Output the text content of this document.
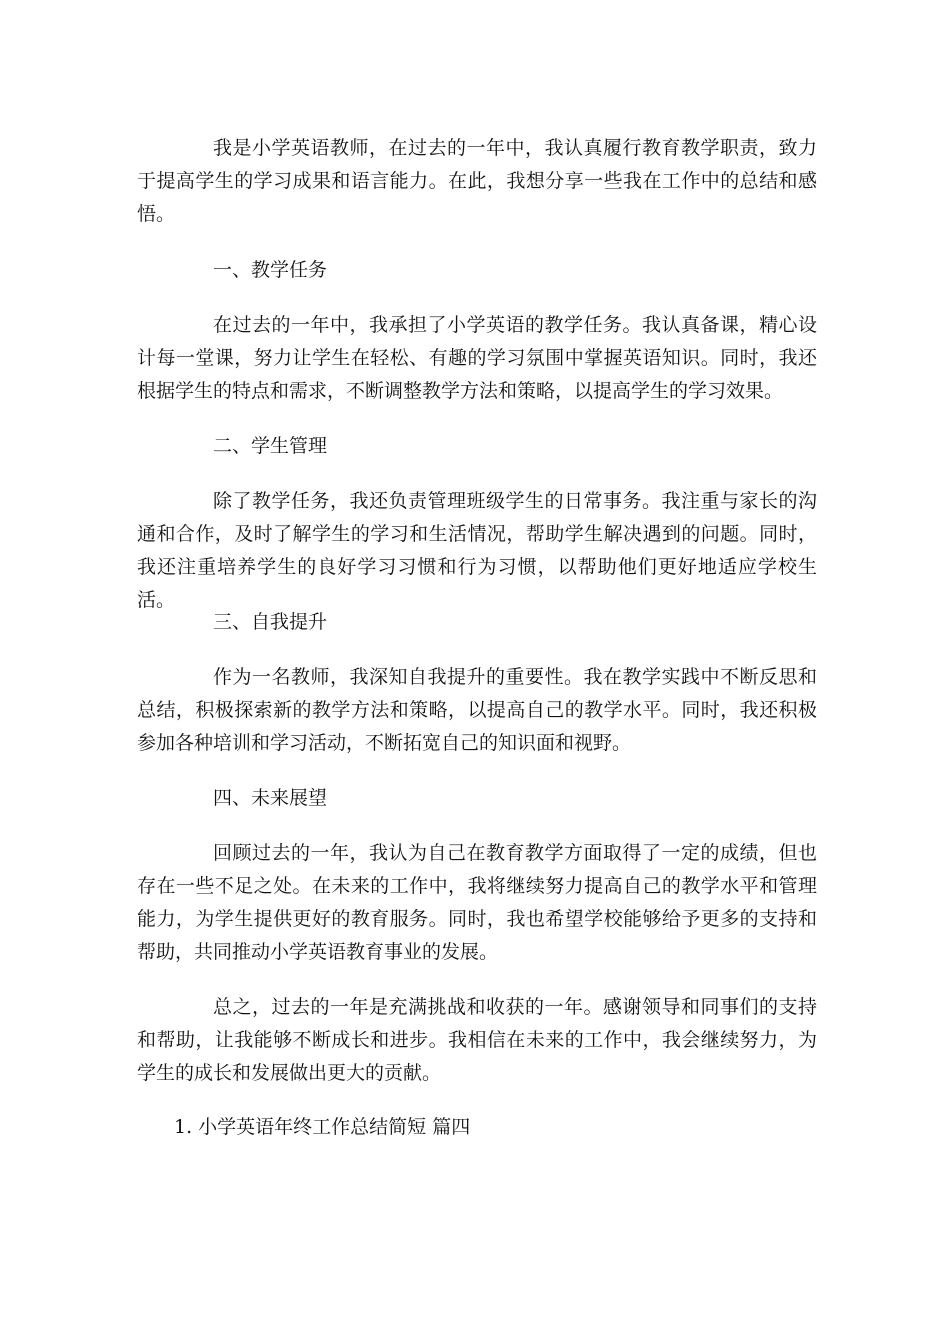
我是小学英语教师，在过去的一年中，我认真履行教育教学职责，致力于提高学生的学习成果和语言能力。在此，我想分享一些我在工作中的总结和感悟。
一、教学任务
在过去的一年中，我承担了小学英语的教学任务。我认真备课，精心设计每一堂课，努力让学生在轻松、有趣的学习氛围中掌握英语知识。同时，我还根据学生的特点和需求，不断调整教学方法和策略，以提高学生的学习效果。
二、学生管理
除了教学任务，我还负责管理班级学生的日常事务。我注重与家长的沟通和合作，及时了解学生的学习和生活情况，帮助学生解决遇到的问题。同时，我还注重培养学生的良好学习习惯和行为习惯，以帮助他们更好地适应学校生活。
三、自我提升
作为一名教师，我深知自我提升的重要性。我在教学实践中不断反思和总结，积极探索新的教学方法和策略，以提高自己的教学水平。同时，我还积极参加各种培训和学习活动，不断拓宽自己的知识面和视野。
四、未来展望
回顾过去的一年，我认为自己在教育教学方面取得了一定的成绩，但也存在一些不足之处。在未来的工作中，我将继续努力提高自己的教学水平和管理能力，为学生提供更好的教育服务。同时，我也希望学校能够给予更多的支持和帮助，共同推动小学英语教育事业的发展。
总之，过去的一年是充满挑战和收获的一年。感谢领导和同事们的支持和帮助，让我能够不断成长和进步。我相信在未来的工作中，我会继续努力，为学生的成长和发展做出更大的贡献。
1. 小学英语年终工作总结简短 篇四
